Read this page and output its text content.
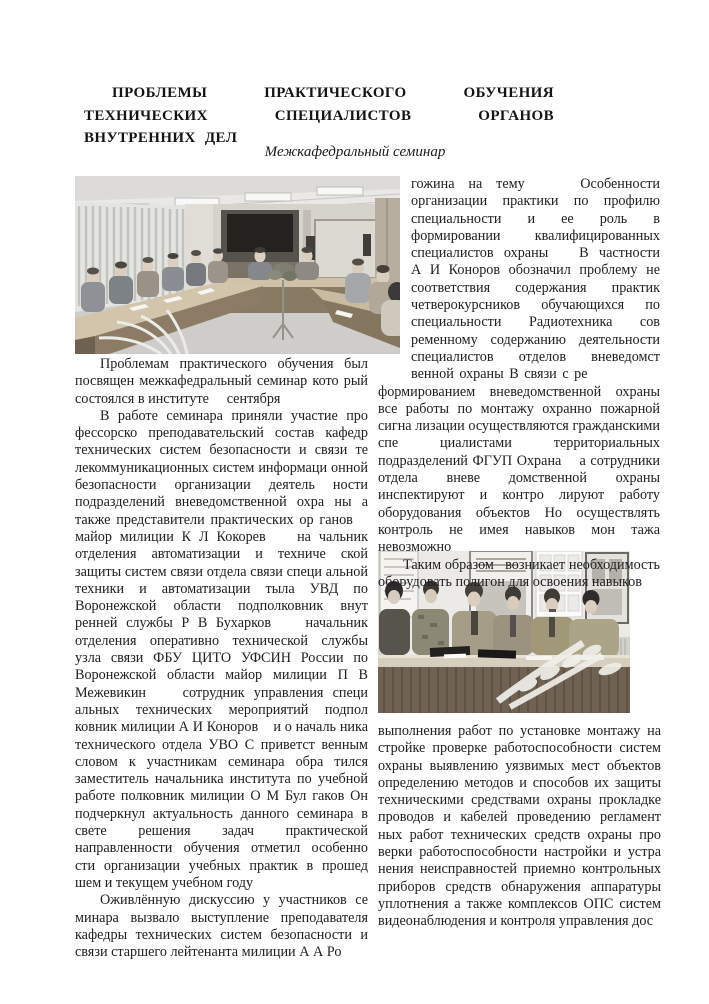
ПРОБЛЕМЫ ПРАКТИЧЕСКОГО ОБУЧЕНИЯ ТЕХНИЧЕСКИХ СПЕЦИАЛИСТОВ ОРГАНОВ ВНУТРЕННИХ ДЕЛ
Межкафедральный семинар

Проблемам практического обучения был посвящен межкафедральный семинар кото рый состоялся в институте     сентября

В работе семинара приняли участие про фессорско преподавательский состав кафедр технических систем безопасности и связи те лекоммуникационных систем информаци онной безопасности организации деятель ности подразделений вневедомственной охра ны а также представители практических ор ганов    майор милиции К Л Кокорев    на чальник отделения автоматизации и техниче ской защиты систем связи отдела связи специ альной техники и автоматизации тыла УВД по Воронежской области подполковник внут ренней службы Р В Бухарков    начальник отделения оперативно технической службы узла связи ФБУ ЦИТО УФСИН России по Воронежской области майор милиции П В Межевикин    сотрудник управления специ альных технических мероприятий подпол ковник милиции А И Коноров    и о началь ника технического отдела УВО С приветст венным словом к участникам семинара обра тился заместитель начальника института по учебной работе полковник милиции О М Бул гаков Он подчеркнул актуальность данного семинара в свете решения задач практической направленности обучения отметил особенно сти организации учебных практик в прошед шем и текущем учебном году

Оживлённую дискуссию у участников се минара вызвало выступление преподавателя кафедры технических систем безопасности и связи старшего лейтенанта милиции А А Ро

гожина на тему    Особенности организации практики по профилю специальности и ее роль в формировании квалифицированных специалистов охраны   В частности А И Коноров обозначил проблему не соответствия содержания практик четверокурсников обучающихся по специальности Радиотехника сов ременному содержанию деятельности специалистов отделов вневедомст венной охраны В связи с ре

формированием вневедомственной охраны все работы по монтажу охранно пожарной сигна лизации осуществляются гражданскими спе циалистами территориальных подразделений ФГУП Охрана    а сотрудники отдела вневе домственной охраны инспектируют и контро лируют работу оборудования объектов Но осуществлять контроль не имея навыков мон тажа невозможно

Таким образом   возникает необходимость оборудовать полигон для освоения навыков

выполнения работ по установке монтажу на стройке проверке работоспособности систем охраны выявлению уязвимых мест объектов определению методов и способов их защиты техническими средствами охраны прокладке проводов и кабелей проведению регламент ных работ технических средств охраны про верки работоспособности настройки и устра нения неисправностей приемно контрольных приборов средств обнаружения аппаратуры уплотнения а также комплексов ОПС систем видеонаблюдения и контроля управления дос
